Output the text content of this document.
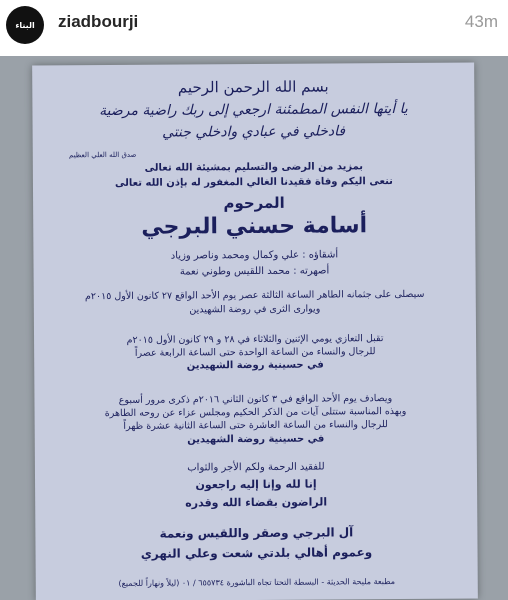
البناء ziadbourji	43m
بسم الله الرحمن الرحيم
يا أيتها النفس المطمئنة ارجعي إلى ربك راضية مرضية
فادخلي في عبادي وادخلي جنتي
صدق الله العلي العظيم
بمزيد من الرضى والتسليم بمشيئة الله تعالى
ننعى اليكم وفاة فقيدنا الغالي المغفور له بإذن الله تعالى
المرحوم
أسامة حسني البرجي
أشقاؤه : علي وكمال ومحمد وناصر وزياد
أصهرته : محمد اللقيس وطوني نعمة
سيصلى على جثمانه الطاهر الساعة الثالثة عصر يوم الأحد الواقع ٢٧ كانون الأول ٢٠١٥م
ويوارى الثرى في روضة الشهيدين
تقبل التعازي يومي الإثنين والثلاثاء في ٢٨ و ٢٩ كانون الأول ٢٠١٥م
للرجال والنساء من الساعة الواحدة حتى الساعة الرابعة عصراً
في حسينية روضة الشهيدين
ويصادف يوم الأحد الواقع في ٣ كانون الثاني ٢٠١٦م ذكرى مرور أسبوع
وبهذه المناسبة ستتلى آيات من الذكر الحكيم ومجلس عزاء عن روحه الطاهرة
للرجال والنساء من الساعة العاشرة حتى الساعة الثانية عشرة ظهراً
في حسينية روضة الشهيدين
للفقيد الرحمة ولكم الأجر والثواب
إنا لله وإنا إليه راجعون
الراضون بقضاء الله وقدره
آل البرجي وصقر واللقيس ونعمة
وعموم أهالي بلدتي شعت وعلي النهري
مطبعة مليحة الحديثة - البسطة التحتا تجاه الباشورة ٦٥٥٧٣٤ / ٠١ (ليلاً ونهاراً للجميع)
